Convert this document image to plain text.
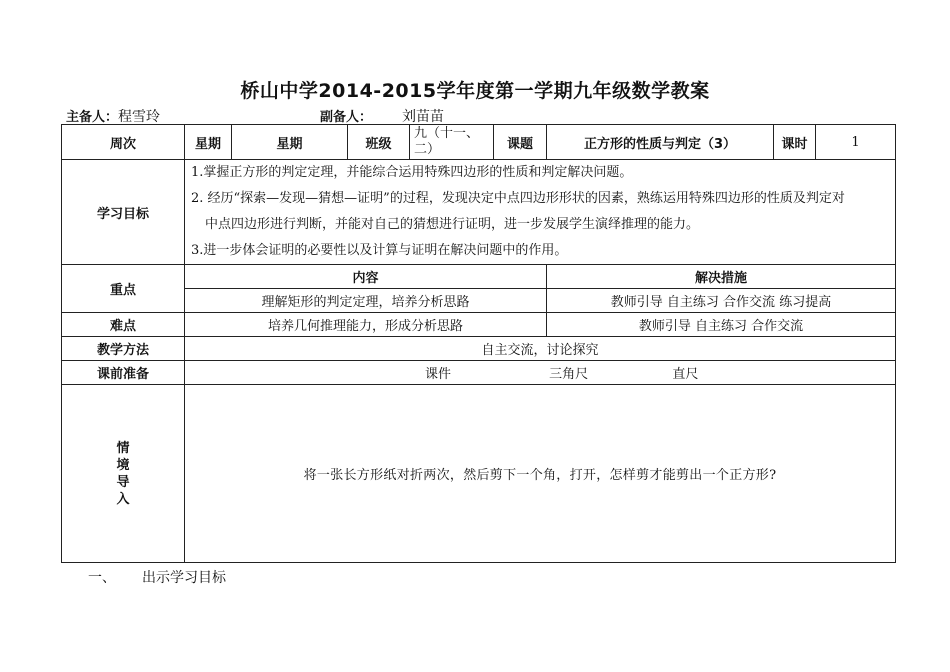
桥山中学2014-2015学年度第一学期九年级数学教案
主备人：程雪玲	副备人： 刘苗苗
周次	星期	星期	班级	九（十一、二）	课题	正方形的性质与判定（3）	课时	1
学习目标	1.掌握正方形的判定定理，并能综合运用特殊四边形的性质和判定解决问题。
2. 经历“探索—发现—猜想—证明”的过程，发现决定中点四边形形状的因素，熟练运用特殊四边形的性质及判定对
中点四边形进行判断，并能对自己的猜想进行证明，进一步发展学生演绎推理的能力。
3.进一步体会证明的必要性以及计算与证明在解决问题中的作用。							

重点	内容					解决措施		
	理解矩形的判定定理，培养分析思路					教师引导 自主练习 合作交流 练习提高		
难点	培养几何推理能力，形成分析思路					教师引导 自主练习 合作交流		
教学方法	自主交流，讨论探究							
课前准备	课件 三角尺 直尺							

情
境
导
入	将一张长方形纸对折两次，然后剪下一个角，打开，怎样剪才能剪出一个正方形?							
一、 出示学习目标
